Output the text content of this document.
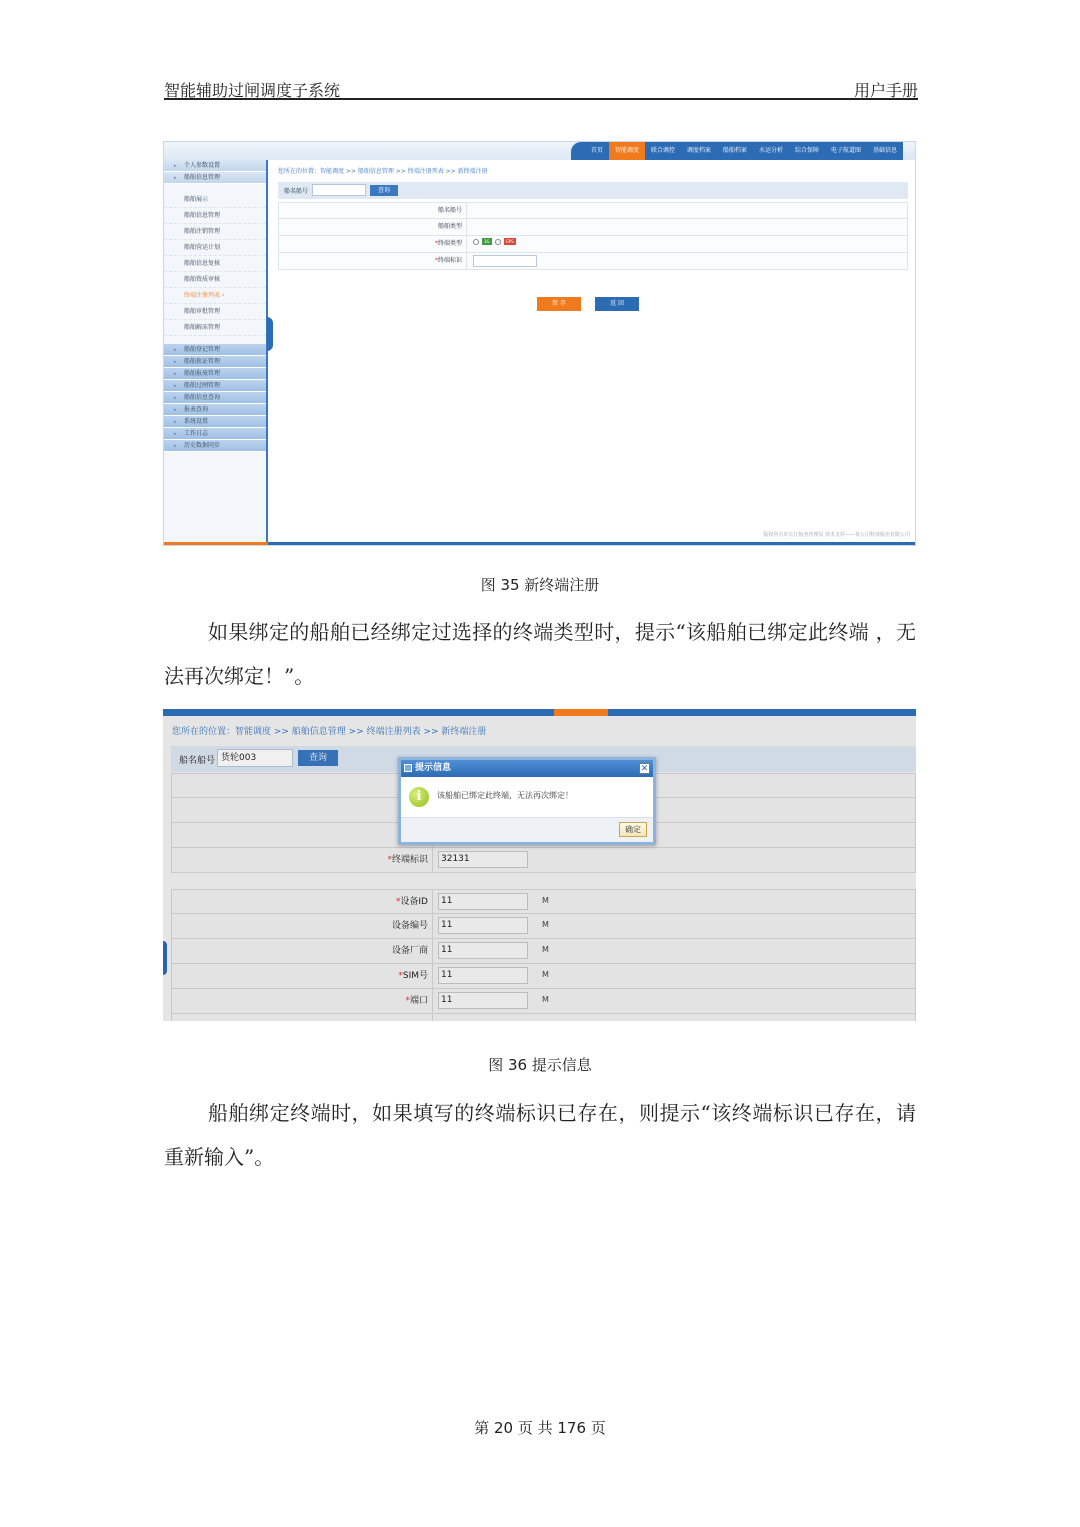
智能辅助过闸调度子系统	用户手册
首页	智能调度	联合调控	调度档案	船舶档案	水运分析	综合保障	电子航道图	基础信息	⌃
▸ 个人参数设置
▸ 船舶信息管理
船舶展示
船舶信息管理
船舶注销管理
船舶营运计划
船舶信息复核
船舶资质审核
终端注册列表 ›
船舶审批管理
船舶解冻管理
▸ 船舶登记管理
▸ 船舶换证管理
▸ 船舶报废管理
▸ 船舶过闸管理
▸ 船舶信息查询
▸ 报表查询
▸ 系统设置
▸ 工作日志
▸ 历史数据同步
您所在的位置：智能调度 >> 船舶信息管理 >> 终端注册列表 >> 新终端注册
船名船号	查询
船名船号
船舶类型
*终端类型	3G	GPS
*终端标识
保 存	返 回
版权所有©长江航务管理局 技术支持——某公司科技股份有限公司
图 35 新终端注册
如果绑定的船舶已经绑定过选择的终端类型时，提示“该船舶已绑定此终端 ，无法再次绑定！”。
您所在的位置：智能调度 >> 船舶信息管理 >> 终端注册列表 >> 新终端注册
船名船号 货轮003	查询
*终端标识	32131
*设备ID	11	M
设备编号	11	M
设备厂商	11	M
*SIM号	11	M
*端口	11	M
提示信息	✕
i	该船舶已绑定此终端，无法再次绑定！
确定
图 36 提示信息
船舶绑定终端时，如果填写的终端标识已存在，则提示“该终端标识已存在，请重新输入”。
第 20 页 共 176 页
